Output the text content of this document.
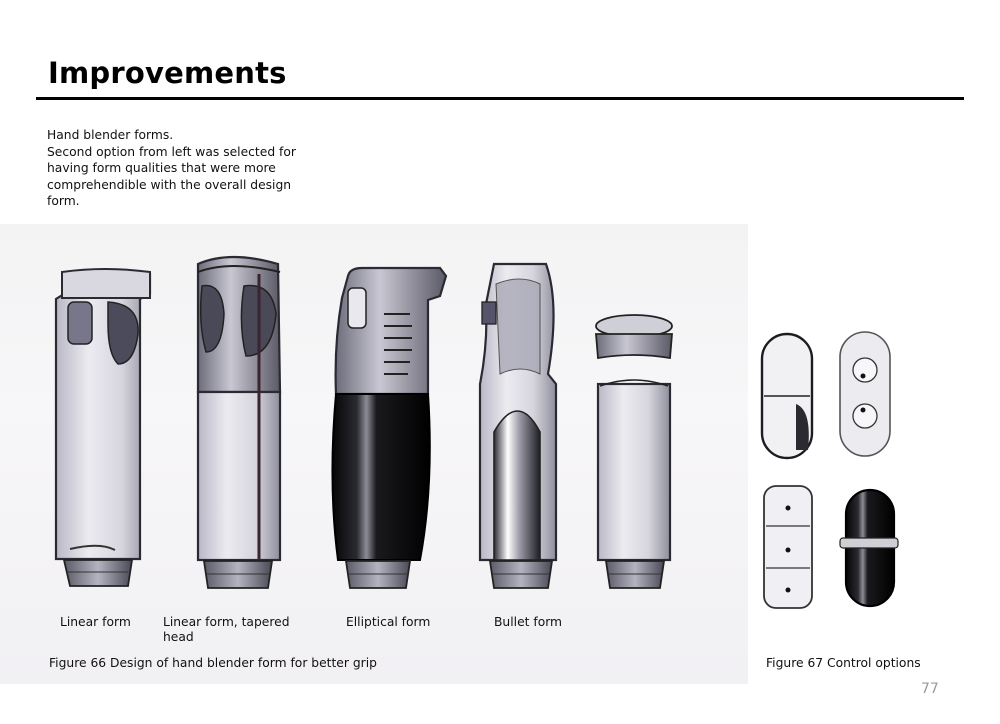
Improvements
Hand blender forms.
Second option from left was selected for
having form qualities that were more
comprehendible with the overall design
form.
Linear form	Linear form, tapered head
Elliptical form	Bullet form
Figure 66 Design of hand blender form for better grip	Figure 67 Control options
77
